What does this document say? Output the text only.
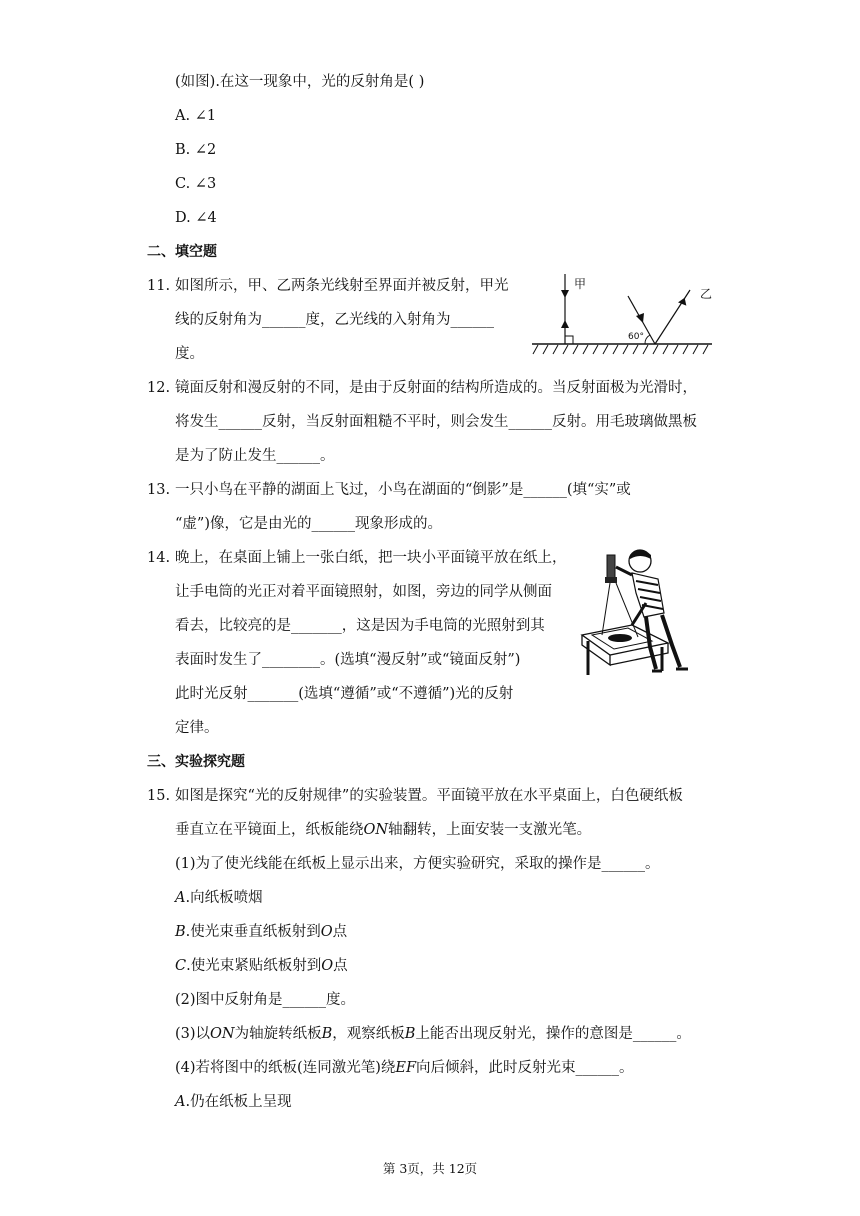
(如图).在这一现象中，光的反射角是( )
A. ∠1
B. ∠2
C. ∠3
D. ∠4
二、填空题
11. 如图所示，甲、乙两条光线射至界面并被反射，甲光
线的反射角为______度，乙光线的入射角为______
度。
甲
乙
60°
12. 镜面反射和漫反射的不同，是由于反射面的结构所造成的。当反射面极为光滑时，
将发生______反射，当反射面粗糙不平时，则会发生______反射。用毛玻璃做黑板
是为了防止发生______。
13. 一只小鸟在平静的湖面上飞过，小鸟在湖面的“倒影”是______(填“实”或
“虚”)像，它是由光的______现象形成的。
14. 晚上，在桌面上铺上一张白纸，把一块小平面镜平放在纸上，
让手电筒的光正对着平面镜照射，如图，旁边的同学从侧面
看去，比较亮的是_______，这是因为手电筒的光照射到其
表面时发生了________。(选填“漫反射”或“镜面反射”)
此时光反射_______(选填“遵循”或“不遵循”)光的反射
定律。
三、实验探究题
15. 如图是探究“光的反射规律”的实验装置。平面镜平放在水平桌面上，白色硬纸板
垂直立在平镜面上，纸板能绕ON轴翻转，上面安装一支激光笔。
(1)为了使光线能在纸板上显示出来，方便实验研究，采取的操作是______。
A.向纸板喷烟
B.使光束垂直纸板射到O点
C.使光束紧贴纸板射到O点
(2)图中反射角是______度。
(3)以ON为轴旋转纸板B，观察纸板B上能否出现反射光，操作的意图是______。
(4)若将图中的纸板(连同激光笔)绕EF向后倾斜，此时反射光束______。
A.仍在纸板上呈现
第 3页，共 12页
